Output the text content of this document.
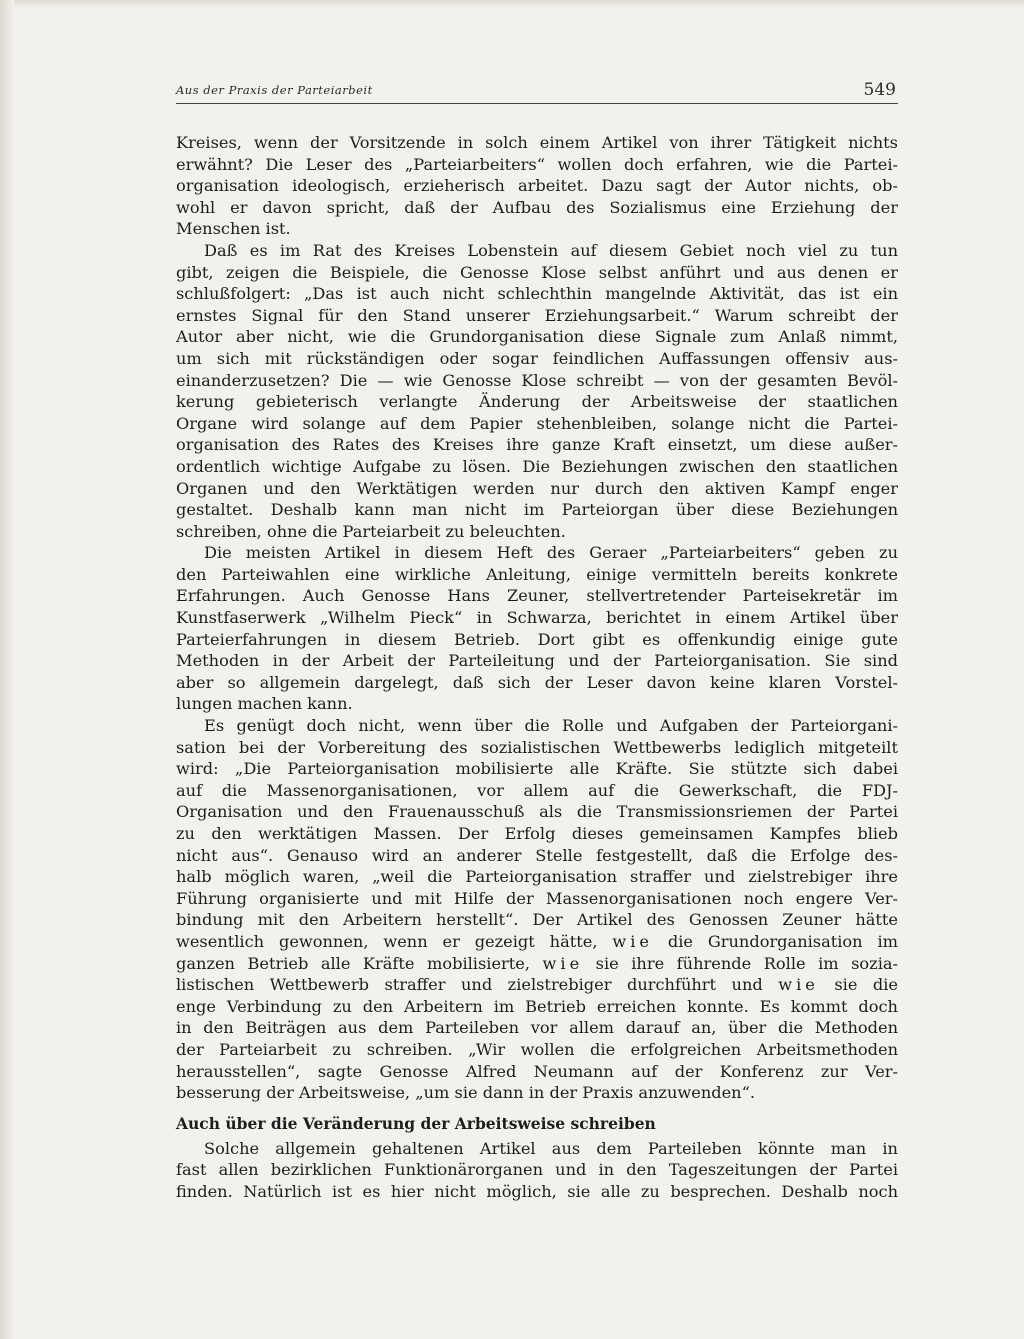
Aus der Praxis der Parteiarbeit	549
Kreises, wenn der Vorsitzende in solch einem Artikel von ihrer Tätigkeit nichts
erwähnt? Die Leser des „Parteiarbeiters“ wollen doch erfahren, wie die Partei-
organisation ideologisch, erzieherisch arbeitet. Dazu sagt der Autor nichts, ob-
wohl er davon spricht, daß der Aufbau des Sozialismus eine Erziehung der
Menschen ist.
Daß es im Rat des Kreises Lobenstein auf diesem Gebiet noch viel zu tun
gibt, zeigen die Beispiele, die Genosse Klose selbst anführt und aus denen er
schlußfolgert: „Das ist auch nicht schlechthin mangelnde Aktivität, das ist ein
ernstes Signal für den Stand unserer Erziehungsarbeit.“ Warum schreibt der
Autor aber nicht, wie die Grundorganisation diese Signale zum Anlaß nimmt,
um sich mit rückständigen oder sogar feindlichen Auffassungen offensiv aus-
einanderzusetzen? Die — wie Genosse Klose schreibt — von der gesamten Bevöl-
kerung gebieterisch verlangte Änderung der Arbeitsweise der staatlichen
Organe wird solange auf dem Papier stehenbleiben, solange nicht die Partei-
organisation des Rates des Kreises ihre ganze Kraft einsetzt, um diese außer-
ordentlich wichtige Aufgabe zu lösen. Die Beziehungen zwischen den staatlichen
Organen und den Werktätigen werden nur durch den aktiven Kampf enger
gestaltet. Deshalb kann man nicht im Parteiorgan über diese Beziehungen
schreiben, ohne die Parteiarbeit zu beleuchten.
Die meisten Artikel in diesem Heft des Geraer „Parteiarbeiters“ geben zu
den Parteiwahlen eine wirkliche Anleitung, einige vermitteln bereits konkrete
Erfahrungen. Auch Genosse Hans Zeuner, stellvertretender Parteisekretär im
Kunstfaserwerk „Wilhelm Pieck“ in Schwarza, berichtet in einem Artikel über
Parteierfahrungen in diesem Betrieb. Dort gibt es offenkundig einige gute
Methoden in der Arbeit der Parteileitung und der Parteiorganisation. Sie sind
aber so allgemein dargelegt, daß sich der Leser davon keine klaren Vorstel-
lungen machen kann.
Es genügt doch nicht, wenn über die Rolle und Aufgaben der Parteiorgani-
sation bei der Vorbereitung des sozialistischen Wettbewerbs lediglich mitgeteilt
wird: „Die Parteiorganisation mobilisierte alle Kräfte. Sie stützte sich dabei
auf die Massenorganisationen, vor allem auf die Gewerkschaft, die FDJ-
Organisation und den Frauenausschuß als die Transmissionsriemen der Partei
zu den werktätigen Massen. Der Erfolg dieses gemeinsamen Kampfes blieb
nicht aus“. Genauso wird an anderer Stelle festgestellt, daß die Erfolge des-
halb möglich waren, „weil die Parteiorganisation straffer und zielstrebiger ihre
Führung organisierte und mit Hilfe der Massenorganisationen noch engere Ver-
bindung mit den Arbeitern herstellt“. Der Artikel des Genossen Zeuner hätte
wesentlich gewonnen, wenn er gezeigt hätte, wie die Grundorganisation im
ganzen Betrieb alle Kräfte mobilisierte, wie sie ihre führende Rolle im sozia-
listischen Wettbewerb straffer und zielstrebiger durchführt und wie sie die
enge Verbindung zu den Arbeitern im Betrieb erreichen konnte. Es kommt doch
in den Beiträgen aus dem Parteileben vor allem darauf an, über die Methoden
der Parteiarbeit zu schreiben. „Wir wollen die erfolgreichen Arbeitsmethoden
herausstellen“, sagte Genosse Alfred Neumann auf der Konferenz zur Ver-
besserung der Arbeitsweise, „um sie dann in der Praxis anzuwenden“.
Auch über die Veränderung der Arbeitsweise schreiben
Solche allgemein gehaltenen Artikel aus dem Parteileben könnte man in
fast allen bezirklichen Funktionärorganen und in den Tageszeitungen der Partei
finden. Natürlich ist es hier nicht möglich, sie alle zu besprechen. Deshalb noch
